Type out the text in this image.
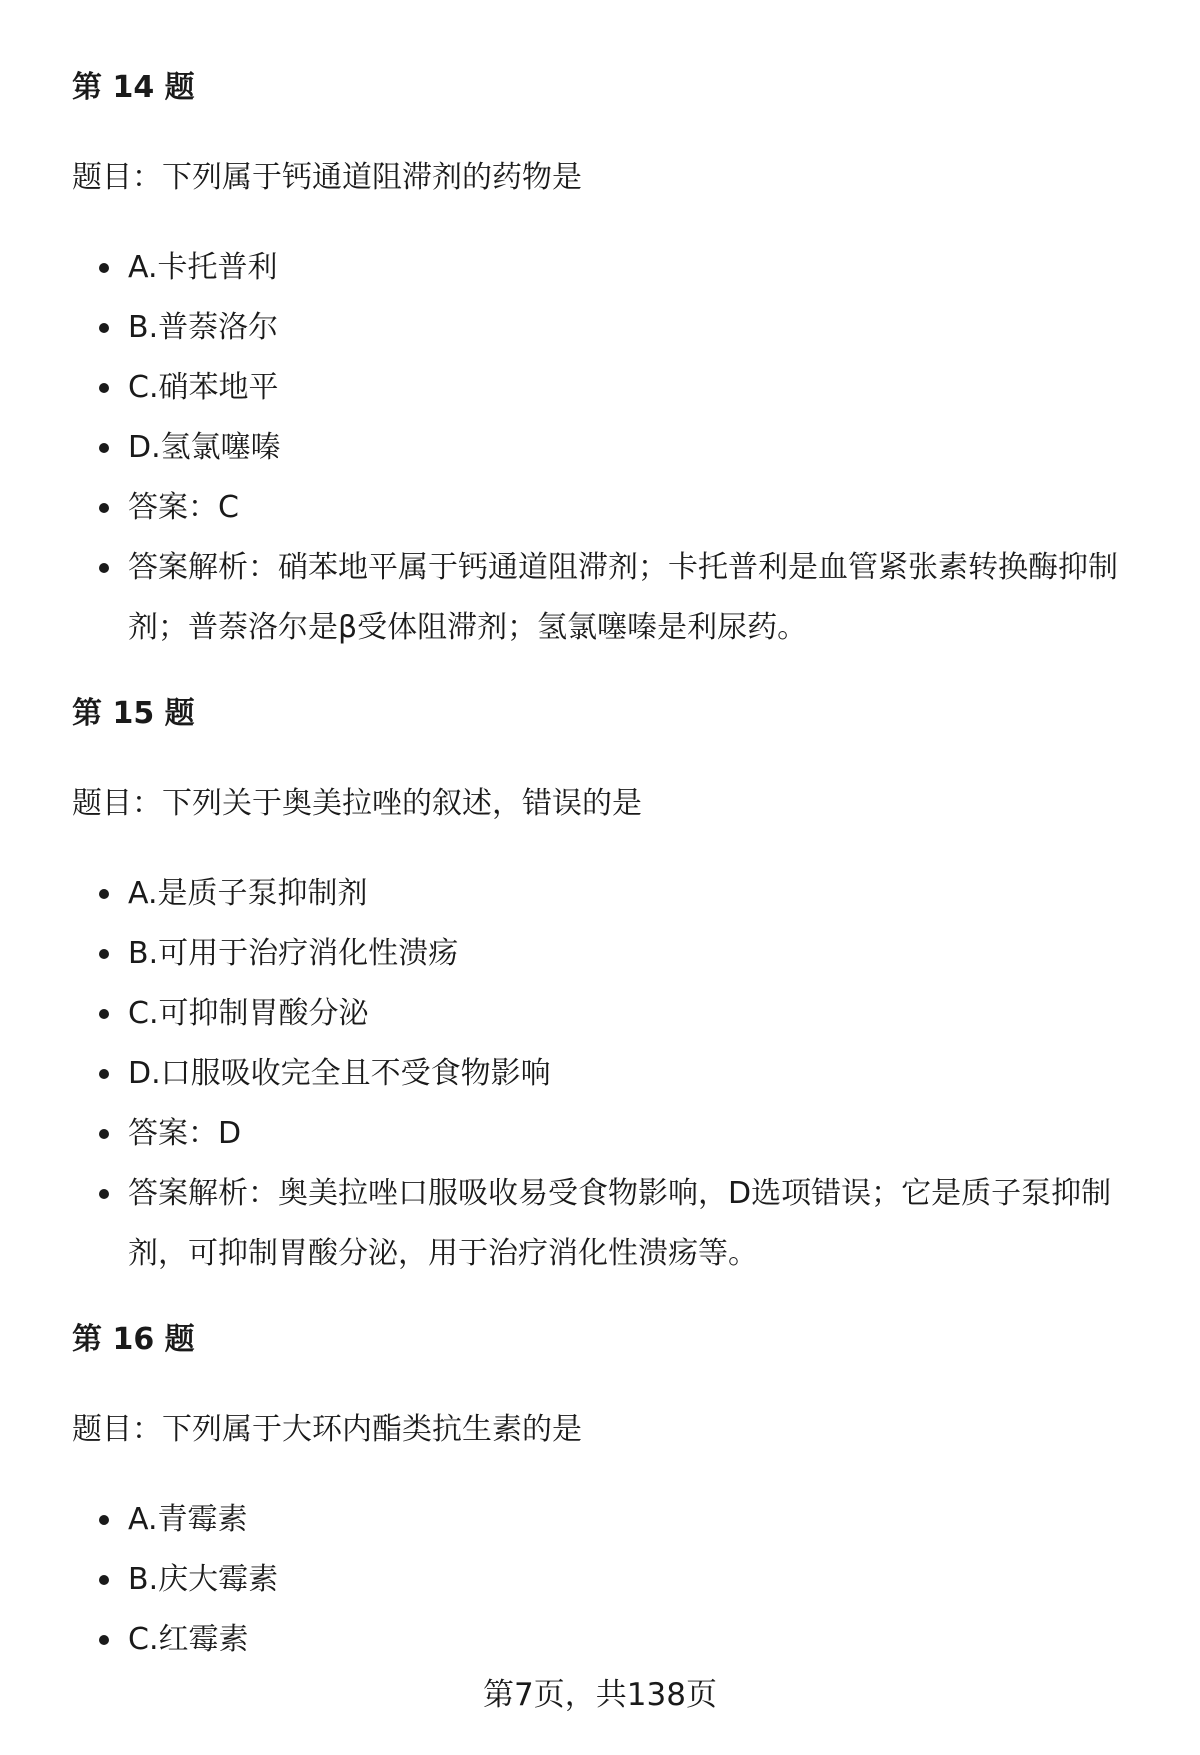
第 14 题

题目：下列属于钙通道阻滞剂的药物是

A.卡托普利
B.普萘洛尔
C.硝苯地平
D.氢氯噻嗪
答案：C
答案解析：硝苯地平属于钙通道阻滞剂；卡托普利是血管紧张素转换酶抑制剂；普萘洛尔是β受体阻滞剂；氢氯噻嗪是利尿药。
第 15 题

题目：下列关于奥美拉唑的叙述，错误的是

A.是质子泵抑制剂
B.可用于治疗消化性溃疡
C.可抑制胃酸分泌
D.口服吸收完全且不受食物影响
答案：D
答案解析：奥美拉唑口服吸收易受食物影响，D选项错误；它是质子泵抑制剂，可抑制胃酸分泌，用于治疗消化性溃疡等。
第 16 题

题目：下列属于大环内酯类抗生素的是

A.青霉素
B.庆大霉素
C.红霉素
第7页，共138页
